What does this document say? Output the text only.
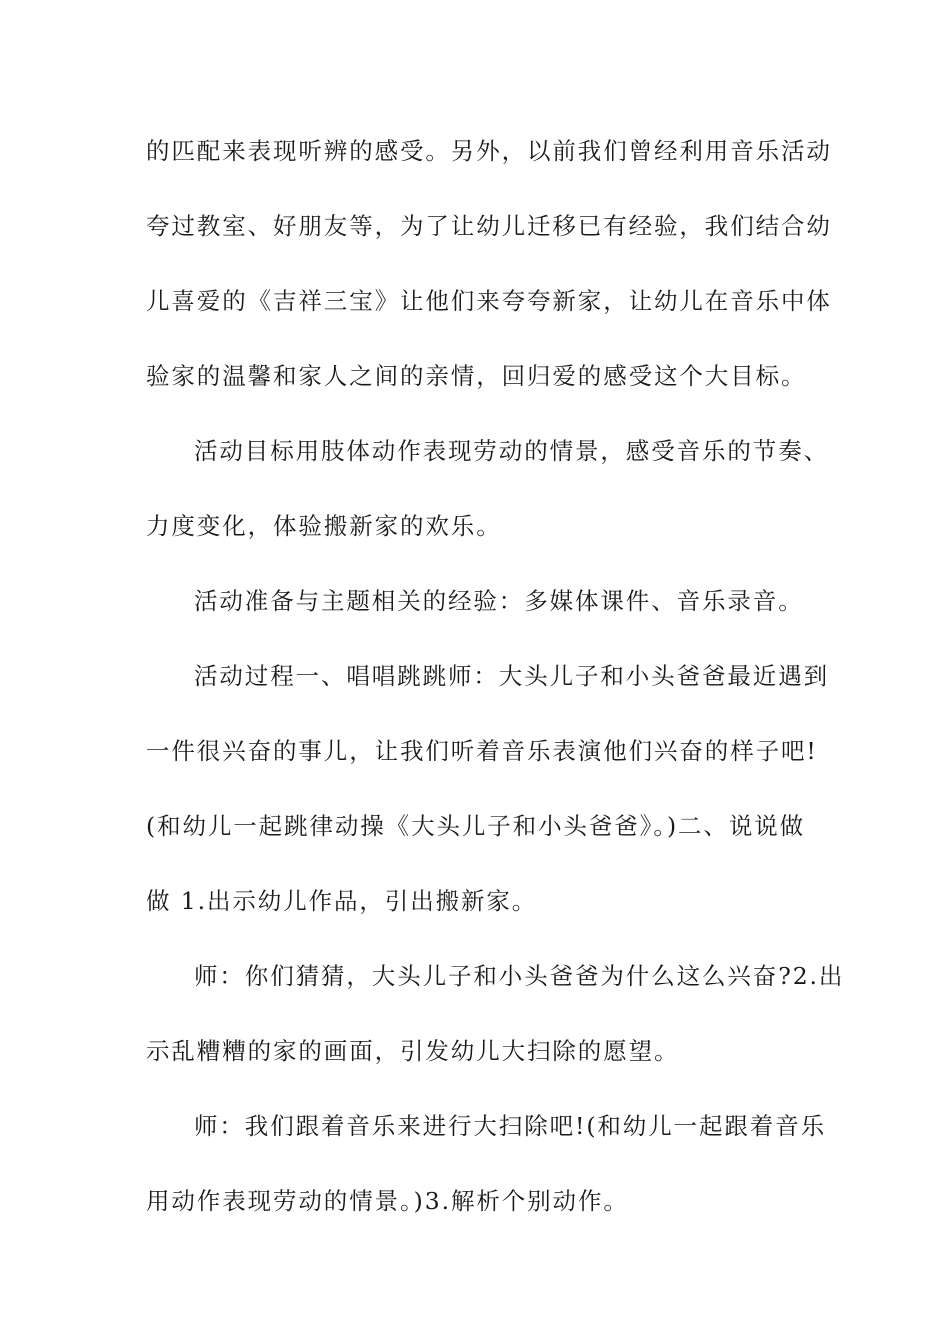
的匹配来表现听辨的感受。另外，以前我们曾经利用音乐活动
夸过教室、好朋友等，为了让幼儿迁移已有经验，我们结合幼
儿喜爱的《吉祥三宝》让他们来夸夸新家，让幼儿在音乐中体
验家的温馨和家人之间的亲情，回归爱的感受这个大目标。
活动目标用肢体动作表现劳动的情景，感受音乐的节奏、
力度变化，体验搬新家的欢乐。
活动准备与主题相关的经验：多媒体课件、音乐录音。
活动过程一、唱唱跳跳师：大头儿子和小头爸爸最近遇到
一件很兴奋的事儿，让我们听着音乐表演他们兴奋的样子吧!
(和幼儿一起跳律动操《大头儿子和小头爸爸》。)二、说说做
做 1.出示幼儿作品，引出搬新家。
师：你们猜猜，大头儿子和小头爸爸为什么这么兴奋?2.出
示乱糟糟的家的画面，引发幼儿大扫除的愿望。
师：我们跟着音乐来进行大扫除吧!(和幼儿一起跟着音乐
用动作表现劳动的情景。)3.解析个别动作。
